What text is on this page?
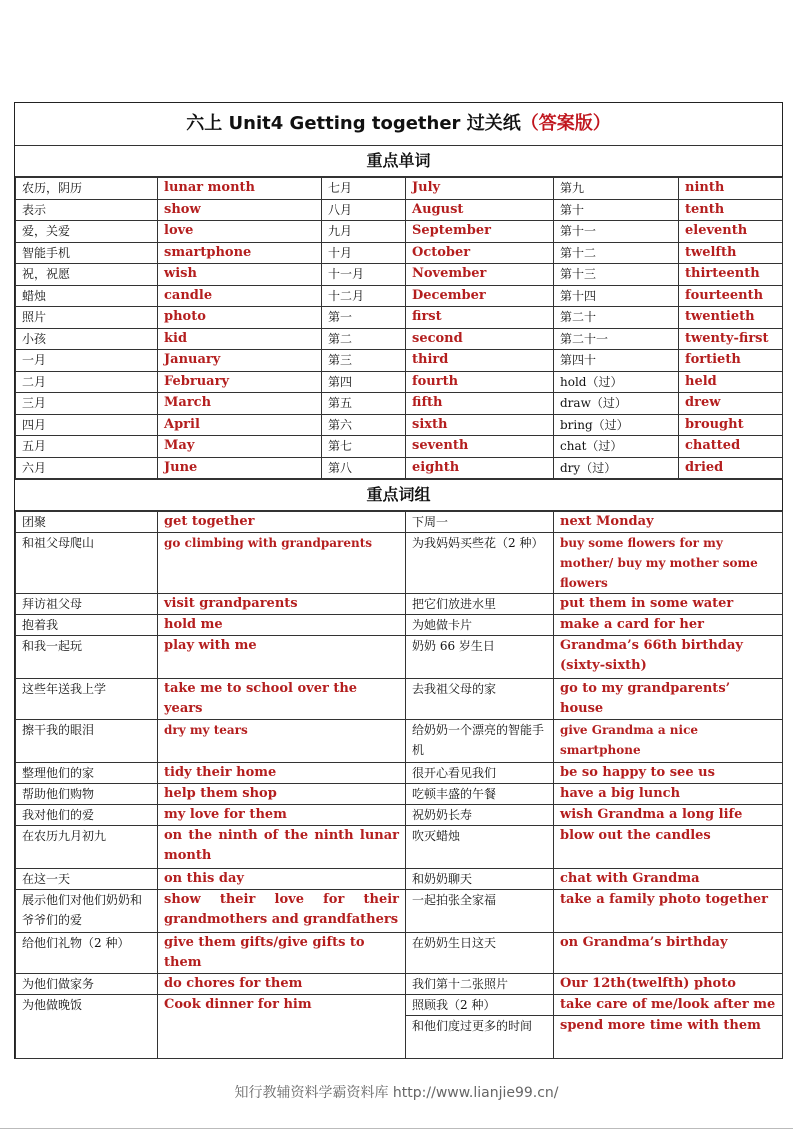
六上 Unit4 Getting together 过关纸（答案版）
重点单词
农历，阴历	lunar month	七月	July	第九	ninth
表示	show	八月	August	第十	tenth
爱，关爱	love	九月	September	第十一	eleventh
智能手机	smartphone	十月	October	第十二	twelfth
祝，祝愿	wish	十一月	November	第十三	thirteenth
蜡烛	candle	十二月	December	第十四	fourteenth
照片	photo	第一	first	第二十	twentieth
小孩	kid	第二	second	第二十一	twenty-first
一月	January	第三	third	第四十	fortieth
二月	February	第四	fourth	hold（过）	held
三月	March	第五	fifth	draw（过）	drew
四月	April	第六	sixth	bring（过）	brought
五月	May	第七	seventh	chat（过）	chatted
六月	June	第八	eighth	dry（过）	dried
重点词组
团聚	get together	下周一	next Monday
和祖父母爬山	go climbing with grandparents	为我妈妈买些花（2 种）	buy some flowers for my mother/ buy my mother some flowers
拜访祖父母	visit grandparents	把它们放进水里	put them in some water
抱着我	hold me	为她做卡片	make a card for her
和我一起玩	play with me	奶奶 66 岁生日	Grandma’s 66th birthday (sixty-sixth)
这些年送我上学	take me to school over the years	去我祖父母的家	go to my grandparents’ house
擦干我的眼泪	dry my tears	给奶奶一个漂亮的智能手机	give Grandma a nice smartphone
整理他们的家	tidy their home	很开心看见我们	be so happy to see us
帮助他们购物	help them shop	吃顿丰盛的午餐	have a big lunch
我对他们的爱	my love for them	祝奶奶长寿	wish Grandma a long life
在农历九月初九	on the ninth of the ninth lunar month	吹灭蜡烛	blow out the candles
在这一天	on this day	和奶奶聊天	chat with Grandma
展示他们对他们奶奶和爷爷们的爱	show their love for their grandmothers and grandfathers	一起拍张全家福	take a family photo together
给他们礼物（2 种）	give them gifts/give gifts to them	在奶奶生日这天	on Grandma’s birthday
为他们做家务	do chores for them	我们第十二张照片	Our 12th(twelfth) photo
为他做晚饭	Cook dinner for him	照顾我（2 种）	take care of me/look after me
		和他们度过更多的时间	spend more time with them
知行教辅资料学霸资料库 http://www.lianjie99.cn/
